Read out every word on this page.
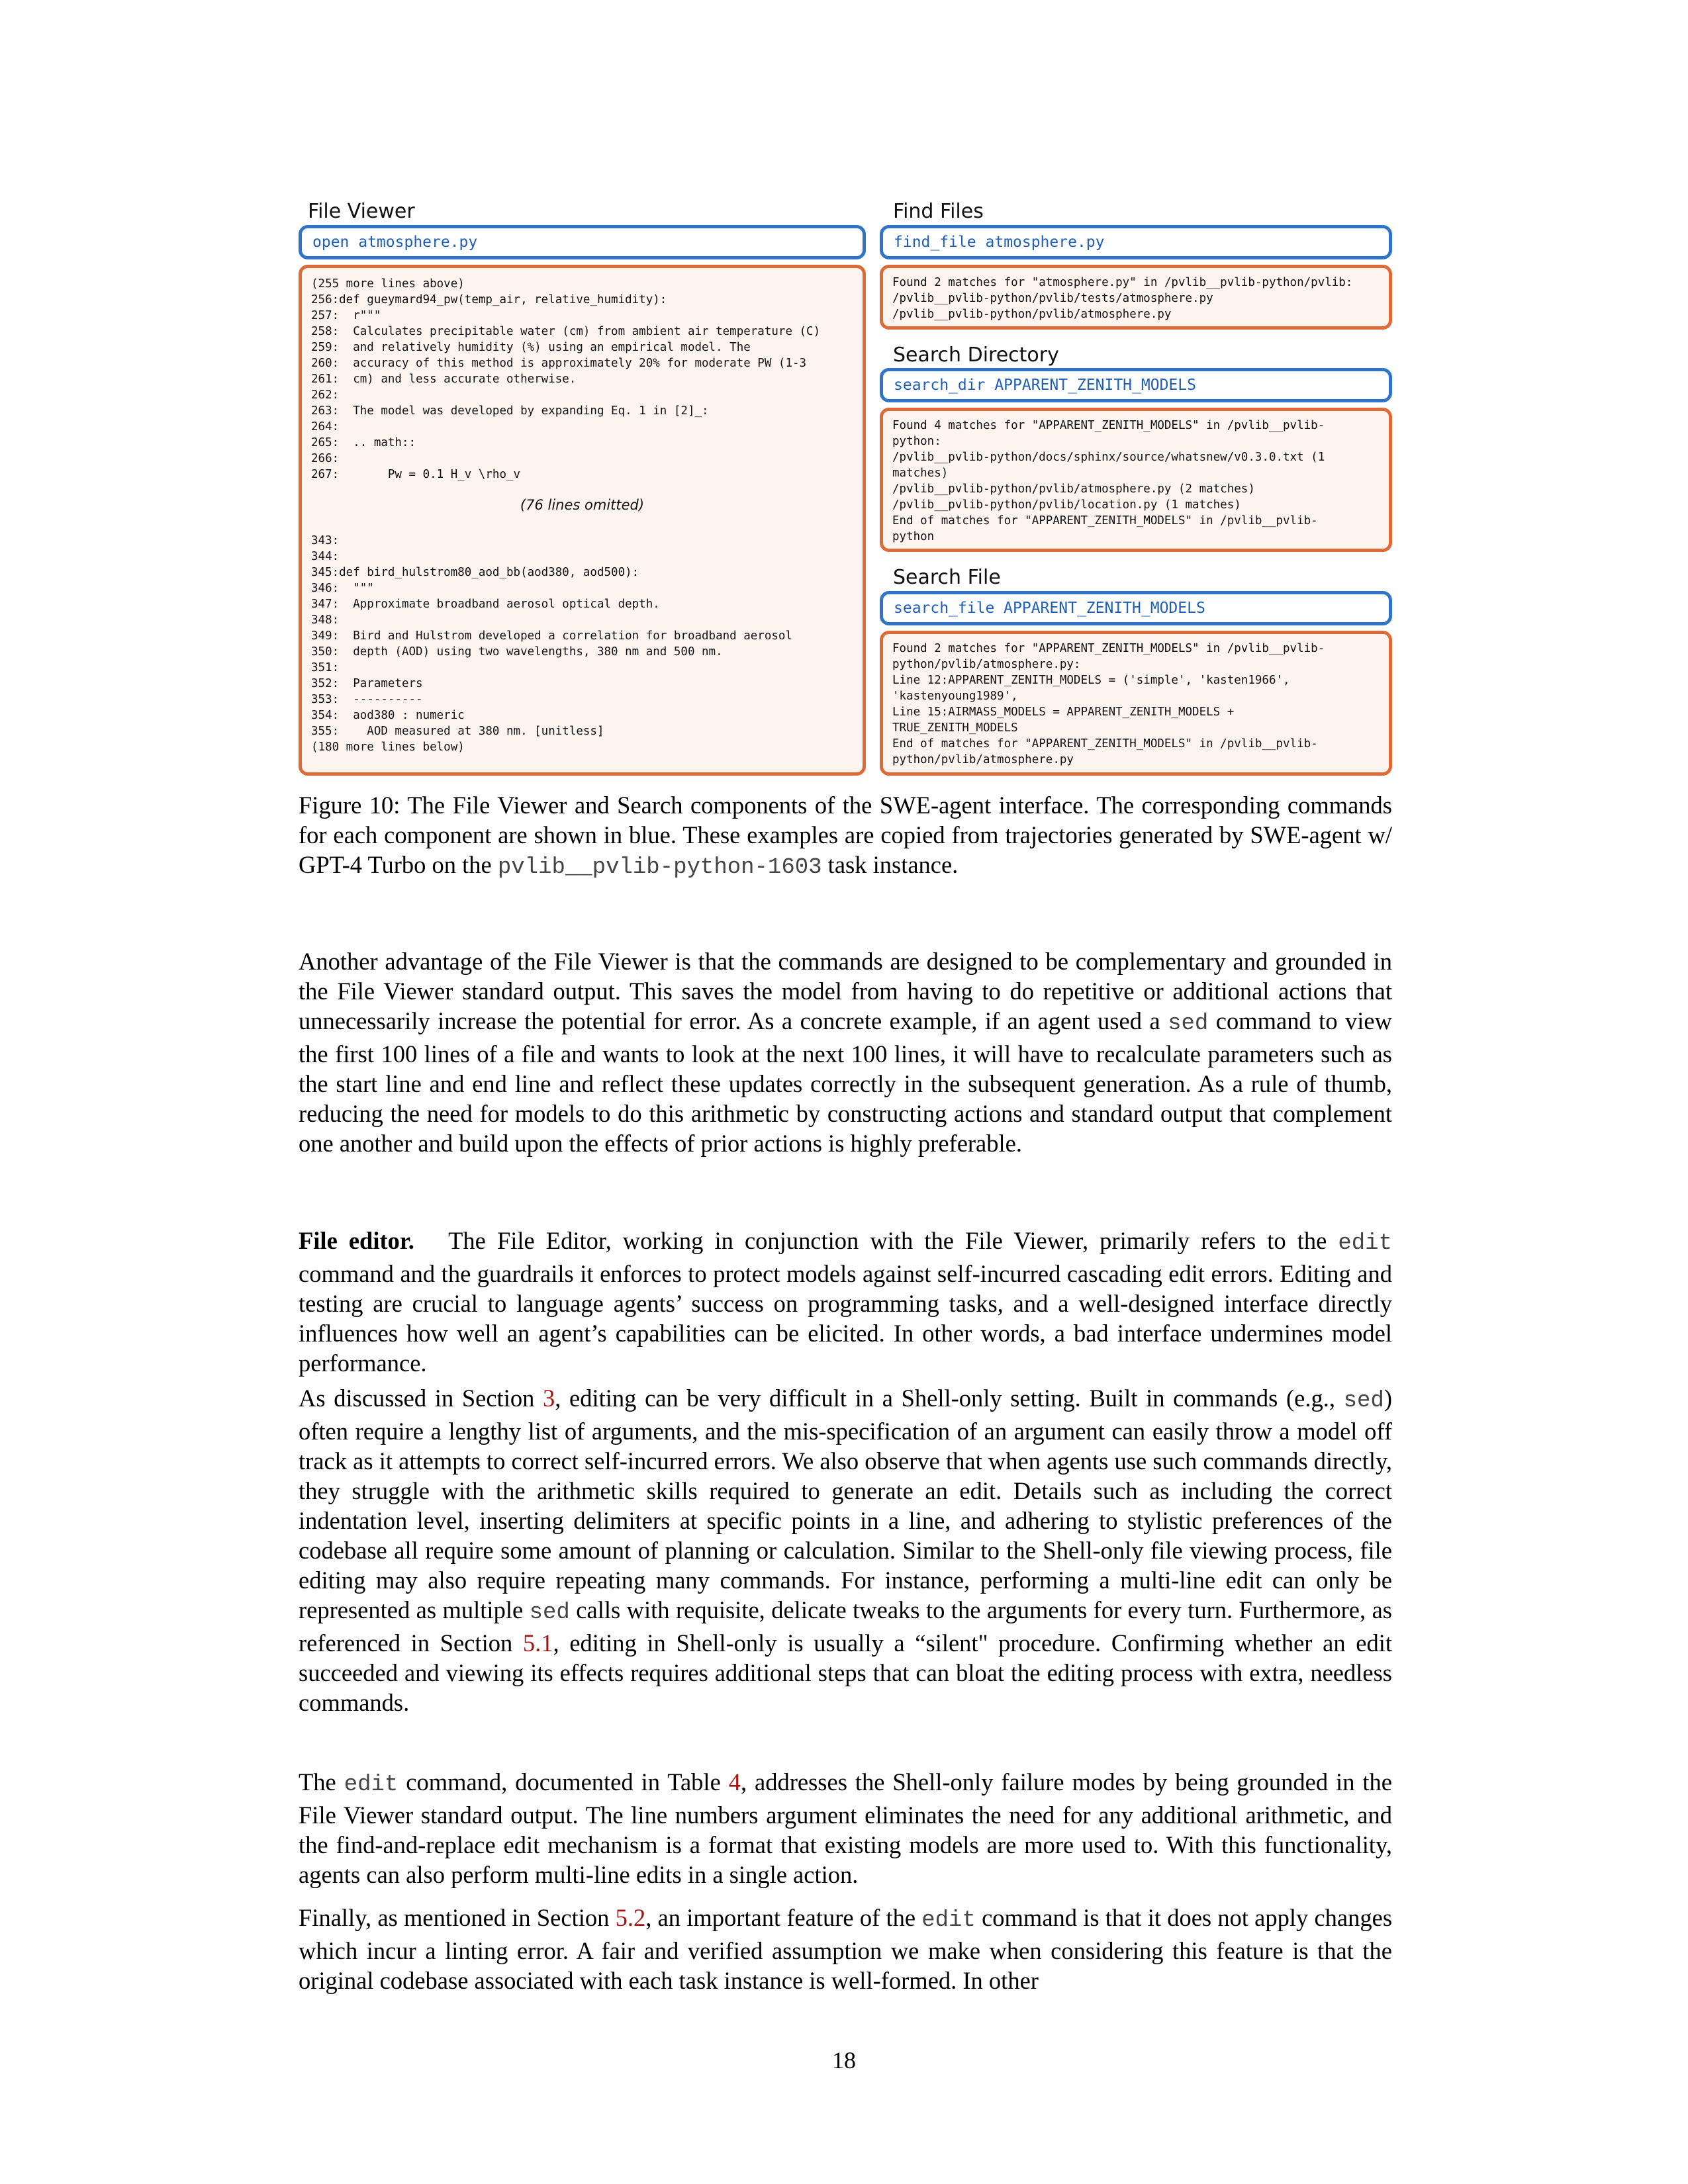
File Viewer
open atmosphere.py
(255 more lines above)
256:def gueymard94_pw(temp_air, relative_humidity):
257:  r"""
258:  Calculates precipitable water (cm) from ambient air temperature (C)
259:  and relatively humidity (%) using an empirical model. The
260:  accuracy of this method is approximately 20% for moderate PW (1-3
261:  cm) and less accurate otherwise.
262:
263:  The model was developed by expanding Eq. 1 in [2]_:
264:
265:  .. math::
266:
267:       Pw = 0.1 H_v \rho_v
(76 lines omitted)
343:
344:
345:def bird_hulstrom80_aod_bb(aod380, aod500):
346:  """
347:  Approximate broadband aerosol optical depth.
348:
349:  Bird and Hulstrom developed a correlation for broadband aerosol
350:  depth (AOD) using two wavelengths, 380 nm and 500 nm.
351:
352:  Parameters
353:  ----------
354:  aod380 : numeric
355:    AOD measured at 380 nm. [unitless]
(180 more lines below)
Find Files
find_file atmosphere.py
Found 2 matches for "atmosphere.py" in /pvlib__pvlib-python/pvlib:
/pvlib__pvlib-python/pvlib/tests/atmosphere.py
/pvlib__pvlib-python/pvlib/atmosphere.py
Search Directory
search_dir APPARENT_ZENITH_MODELS
Found 4 matches for "APPARENT_ZENITH_MODELS" in /pvlib__pvlib-
python:
/pvlib__pvlib-python/docs/sphinx/source/whatsnew/v0.3.0.txt (1
matches)
/pvlib__pvlib-python/pvlib/atmosphere.py (2 matches)
/pvlib__pvlib-python/pvlib/location.py (1 matches)
End of matches for "APPARENT_ZENITH_MODELS" in /pvlib__pvlib-
python
Search File
search_file APPARENT_ZENITH_MODELS
Found 2 matches for "APPARENT_ZENITH_MODELS" in /pvlib__pvlib-
python/pvlib/atmosphere.py:
Line 12:APPARENT_ZENITH_MODELS = ('simple', 'kasten1966',
'kastenyoung1989',
Line 15:AIRMASS_MODELS = APPARENT_ZENITH_MODELS +
TRUE_ZENITH_MODELS
End of matches for "APPARENT_ZENITH_MODELS" in /pvlib__pvlib-
python/pvlib/atmosphere.py

Figure 10: The File Viewer and Search components of the SWE-agent interface. The corresponding commands for each component are shown in blue. These examples are copied from trajectories generated by SWE-agent w/ GPT-4 Turbo on the pvlib__pvlib-python-1603 task instance.

Another advantage of the File Viewer is that the commands are designed to be complementary and grounded in the File Viewer standard output. This saves the model from having to do repetitive or additional actions that unnecessarily increase the potential for error. As a concrete example, if an agent used a sed command to view the first 100 lines of a file and wants to look at the next 100 lines, it will have to recalculate parameters such as the start line and end line and reflect these updates correctly in the subsequent generation. As a rule of thumb, reducing the need for models to do this arithmetic by constructing actions and standard output that complement one another and build upon the effects of prior actions is highly preferable.

File editor. The File Editor, working in conjunction with the File Viewer, primarily refers to the edit command and the guardrails it enforces to protect models against self-incurred cascading edit errors. Editing and testing are crucial to language agents’ success on programming tasks, and a well-designed interface directly influences how well an agent’s capabilities can be elicited. In other words, a bad interface undermines model performance.

As discussed in Section 3, editing can be very difficult in a Shell-only setting. Built in commands (e.g., sed) often require a lengthy list of arguments, and the mis-specification of an argument can easily throw a model off track as it attempts to correct self-incurred errors. We also observe that when agents use such commands directly, they struggle with the arithmetic skills required to generate an edit. Details such as including the correct indentation level, inserting delimiters at specific points in a line, and adhering to stylistic preferences of the codebase all require some amount of planning or calculation. Similar to the Shell-only file viewing process, file editing may also require repeating many commands. For instance, performing a multi-line edit can only be represented as multiple sed calls with requisite, delicate tweaks to the arguments for every turn. Furthermore, as referenced in Section 5.1, editing in Shell-only is usually a “silent" procedure. Confirming whether an edit succeeded and viewing its effects requires additional steps that can bloat the editing process with extra, needless commands.

The edit command, documented in Table 4, addresses the Shell-only failure modes by being grounded in the File Viewer standard output. The line numbers argument eliminates the need for any additional arithmetic, and the find-and-replace edit mechanism is a format that existing models are more used to. With this functionality, agents can also perform multi-line edits in a single action.

Finally, as mentioned in Section 5.2, an important feature of the edit command is that it does not apply changes which incur a linting error. A fair and verified assumption we make when considering this feature is that the original codebase associated with each task instance is well-formed. In other

18
